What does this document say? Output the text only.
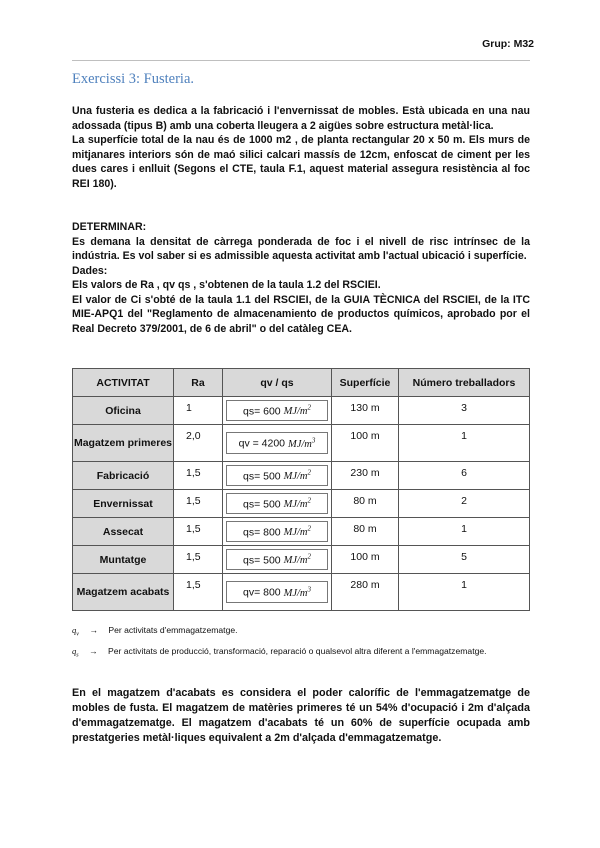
Grup: M32
Exercissi 3: Fusteria.

Una fusteria es dedica a la fabricació i l'envernissat de mobles. Està ubicada en una nau adossada (tipus B) amb una coberta lleugera a 2 aigües sobre estructura metàl·lica.

La superfície total de la nau és de 1000 m2 , de planta rectangular 20 x 50 m. Els murs de mitjanares interiors són de maó silici calcari massís de 12cm, enfoscat de ciment per les dues cares i enlluit (Segons el CTE, taula F.1, aquest material assegura resistència al foc REI 180).

DETERMINAR:

Es demana la densitat de càrrega ponderada de foc i el nivell de risc intrínsec de la indústria. Es vol saber si es admissible aquesta activitat amb l'actual ubicació i superfície.

Dades:

Els valors de Ra , qv qs , s'obtenen de la taula 1.2 del RSCIEI.

El valor de Ci s'obté de la taula 1.1 del RSCIEI, de la GUIA TÈCNICA del RSCIEI, de la ITC MIE-APQ1 del "Reglamento de almacenamiento de productos químicos, aprobado por el Real Decreto 379/2001, de 6 de abril" o del catàleg CEA.

ACTIVITAT	Ra	qv / qs	Superfície	Número treballadors
Oficina	1	qs= 600 $MJ/m^2$	130 m	3
Magatzem primeres	2,0	qv = 4200 $MJ/m^3$	100 m	1
Fabricació	1,5	qs= 500 $MJ/m^2$	230 m	6
Envernissat	1,5	qs= 500 $MJ/m^2$	80 m	2
Assecat	1,5	qs= 800 $MJ/m^2$	80 m	1
Muntatge	1,5	qs= 500 $MJ/m^2$	100 m	5
Magatzem acabats	1,5	qv= 800 $MJ/m^3$	280 m	1

$q_v$ → Per activitats d'emmagatzematge.

$q_s$ → Per activitats de producció, transformació, reparació o qualsevol altra diferent a l'emmagatzematge.

En el magatzem d'acabats es considera el poder calorífic de l'emmagatzematge de mobles de fusta. El magatzem de matèries primeres té un 54% d'ocupació i 2m d'alçada d'emmagatzematge. El magatzem d'acabats té un 60% de superfície ocupada amb prestatgeries metàl·liques equivalent a 2m d'alçada d'emmagatzematge.
